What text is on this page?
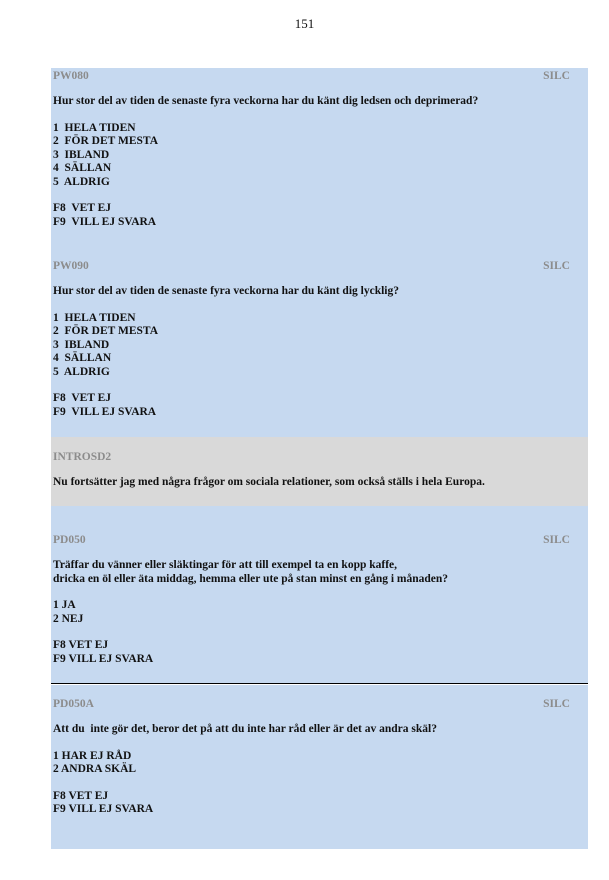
151
PW080	SILC
Hur stor del av tiden de senaste fyra veckorna har du känt dig ledsen och deprimerad?
1  HELA TIDEN
2  FÖR DET MESTA
3  IBLAND
4  SÄLLAN
5  ALDRIG
F8  VET EJ
F9  VILL EJ SVARA
PW090	SILC
Hur stor del av tiden de senaste fyra veckorna har du känt dig lycklig?
1  HELA TIDEN
2  FÖR DET MESTA
3  IBLAND
4  SÄLLAN
5  ALDRIG
F8  VET EJ
F9  VILL EJ SVARA
INTROSD2
Nu fortsätter jag med några frågor om sociala relationer, som också ställs i hela Europa.
PD050	SILC
Träffar du vänner eller släktingar för att till exempel ta en kopp kaffe,
dricka en öl eller äta middag, hemma eller ute på stan minst en gång i månaden?
1 JA
2 NEJ
F8 VET EJ
F9 VILL EJ SVARA
PD050A	SILC
Att du  inte gör det, beror det på att du inte har råd eller är det av andra skäl?
1 HAR EJ RÅD
2 ANDRA SKÄL
F8 VET EJ
F9 VILL EJ SVARA
